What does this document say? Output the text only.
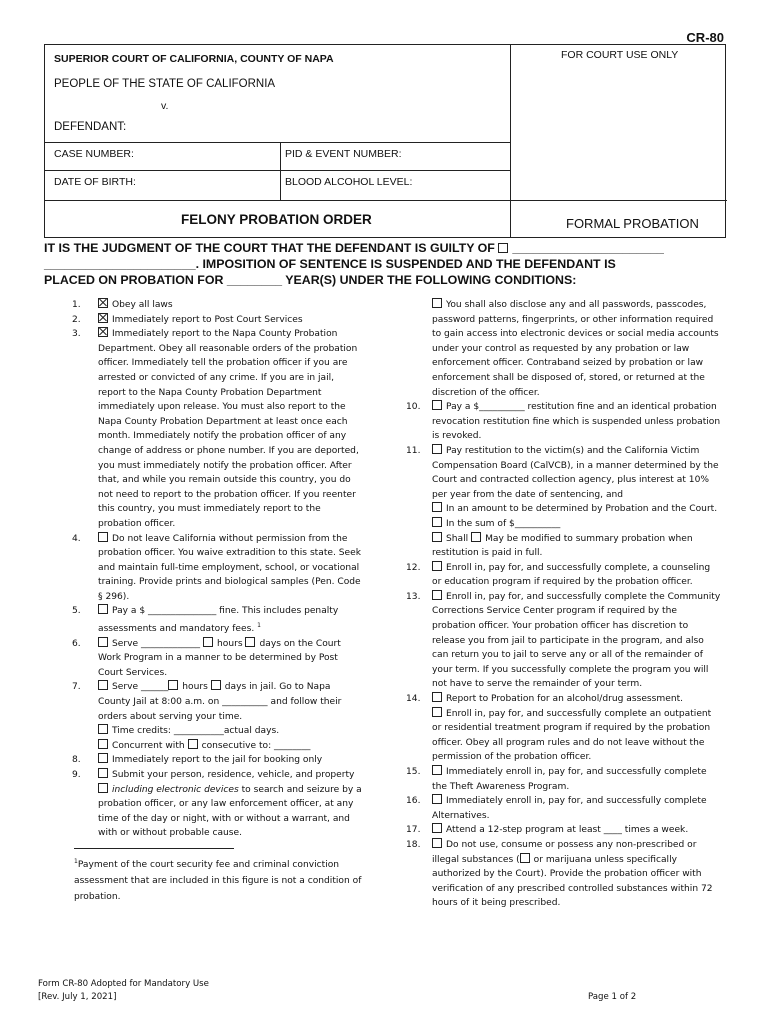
CR-80
SUPERIOR COURT OF CALIFORNIA, COUNTY OF NAPA	FOR COURT USE ONLY
PEOPLE OF THE STATE OF CALIFORNIA
v.
DEFENDANT:
CASE NUMBER:	PID & EVENT NUMBER:
DATE OF BIRTH:	BLOOD ALCOHOL LEVEL:
FELONY PROBATION ORDER	FORMAL PROBATION
IT IS THE JUDGMENT OF THE COURT THAT THE DEFENDANT IS GUILTY OF ______________________
______________________. IMPOSITION OF SENTENCE IS SUSPENDED AND THE DEFENDANT IS
PLACED ON PROBATION FOR ________ YEAR(S) UNDER THE FOLLOWING CONDITIONS:
1.	Obey all laws
2.	Immediately report to Post Court Services
3.	Immediately report to the Napa County Probation Department. Obey all reasonable orders of the probation officer. Immediately tell the probation officer if you are arrested or convicted of any crime. If you are in jail, report to the Napa County Probation Department immediately upon release. You must also report to the Napa County Probation Department at least once each month. Immediately notify the probation officer of any change of address or phone number. If you are deported, you must immediately notify the probation officer. After that, and while you remain outside this country, you do not need to report to the probation officer. If you reenter this country, you must immediately report to the probation officer.
4.	Do not leave California without permission from the probation officer. You waive extradition to this state. Seek and maintain full-time employment, school, or vocational training. Provide prints and biological samples (Pen. Code § 296).
5.	Pay a $ _______________ fine. This includes penalty assessments and mandatory fees. $^1$
6.	Serve _____________ hours days on the Court Work Program in a manner to be determined by Post Court Services.
7.	Serve ______ hours days in jail. Go to Napa County Jail at 8:00 a.m. on __________ and follow their orders about serving your time.
Time credits: ___________actual days.
Concurrent with consecutive to: ________
8.	Immediately report to the jail for booking only
9.	Submit your person, residence, vehicle, and property
including electronic devices to search and seizure by a probation officer, or any law enforcement officer, at any time of the day or night, with or without a warrant, and with or without probable cause.
$^1$Payment of the court security fee and criminal conviction assessment that are included in this figure is not a condition of probation.
You shall also disclose any and all passwords, passcodes, password patterns, fingerprints, or other information required to gain access into electronic devices or social media accounts under your control as requested by any probation or law enforcement officer. Contraband seized by probation or law enforcement shall be disposed of, stored, or returned at the discretion of the officer.
10.	Pay a $__________ restitution fine and an identical probation revocation restitution fine which is suspended unless probation is revoked.
11.	Pay restitution to the victim(s) and the California Victim Compensation Board (CalVCB), in a manner determined by the Court and contracted collection agency, plus interest at 10% per year from the date of sentencing, and
In an amount to be determined by Probation and the Court.
In the sum of $__________
Shall May be modified to summary probation when restitution is paid in full.
12.	Enroll in, pay for, and successfully complete, a counseling or education program if required by the probation officer.
13.	Enroll in, pay for, and successfully complete the Community Corrections Service Center program if required by the probation officer. Your probation officer has discretion to release you from jail to participate in the program, and also can return you to jail to serve any or all of the remainder of your term. If you successfully complete the program you will not have to serve the remainder of your term.
14.	Report to Probation for an alcohol/drug assessment.
Enroll in, pay for, and successfully complete an outpatient or residential treatment program if required by the probation officer. Obey all program rules and do not leave without the permission of the probation officer.
15.	Immediately enroll in, pay for, and successfully complete the Theft Awareness Program.
16.	Immediately enroll in, pay for, and successfully complete Alternatives.
17.	Attend a 12-step program at least ____ times a week.
18.	Do not use, consume or possess any non-prescribed or illegal substances ( or marijuana unless specifically authorized by the Court). Provide the probation officer with verification of any prescribed controlled substances within 72 hours of it being prescribed.
Form CR-80 Adopted for Mandatory Use
[Rev. July 1, 2021]	Page 1 of 2
